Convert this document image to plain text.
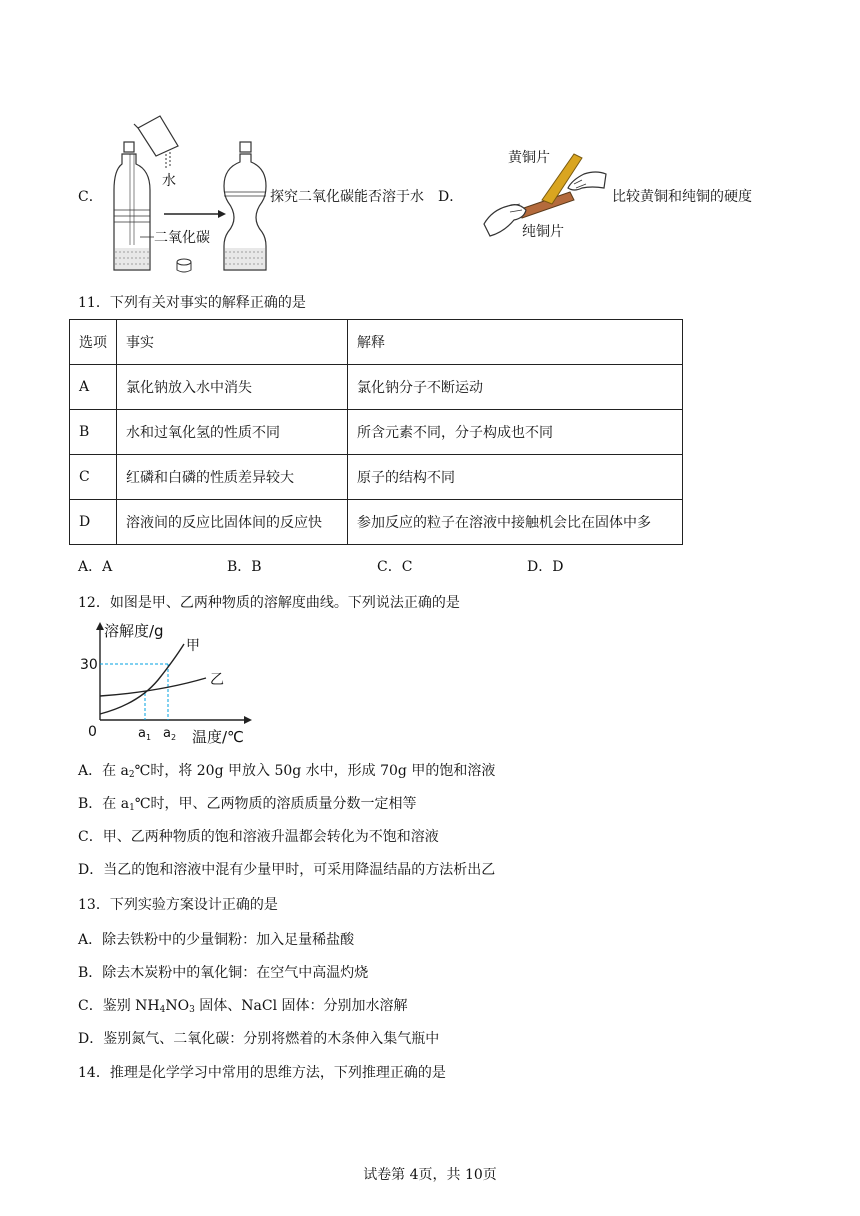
C．
水
二氧化碳
探究二氧化碳能否溶于水 D．
黄铜片
纯铜片
比较黄铜和纯铜的硬度
11．下列有关对事实的解释正确的是
选项	事实	解释
A	氯化钠放入水中消失	氯化钠分子不断运动
B	水和过氧化氢的性质不同	所含元素不同，分子构成也不同
C	红磷和白磷的性质差异较大	原子的结构不同
D	溶液间的反应比固体间的反应快	参加反应的粒子在溶液中接触机会比在固体中多
A．A	B．B	C．C	D．D
12．如图是甲、乙两种物质的溶解度曲线。下列说法正确的是
溶解度/g
甲
乙
30
0	$a_1$ $a_2$ 温度/℃
A．在 $a_2℃$时，将 20g 甲放入 50g 水中，形成 70g 甲的饱和溶液
B．在 $a_1℃$时，甲、乙两物质的溶质质量分数一定相等
C．甲、乙两种物质的饱和溶液升温都会转化为不饱和溶液
D．当乙的饱和溶液中混有少量甲时，可采用降温结晶的方法析出乙
13．下列实验方案设计正确的是
A．除去铁粉中的少量铜粉：加入足量稀盐酸
B．除去木炭粉中的氧化铜：在空气中高温灼烧
C．鉴别 $NH_4NO_3$ 固体、NaCl 固体：分别加水溶解
D．鉴别氮气、二氧化碳：分别将燃着的木条伸入集气瓶中
14．推理是化学学习中常用的思维方法，下列推理正确的是
试卷第 4页，共 10页
